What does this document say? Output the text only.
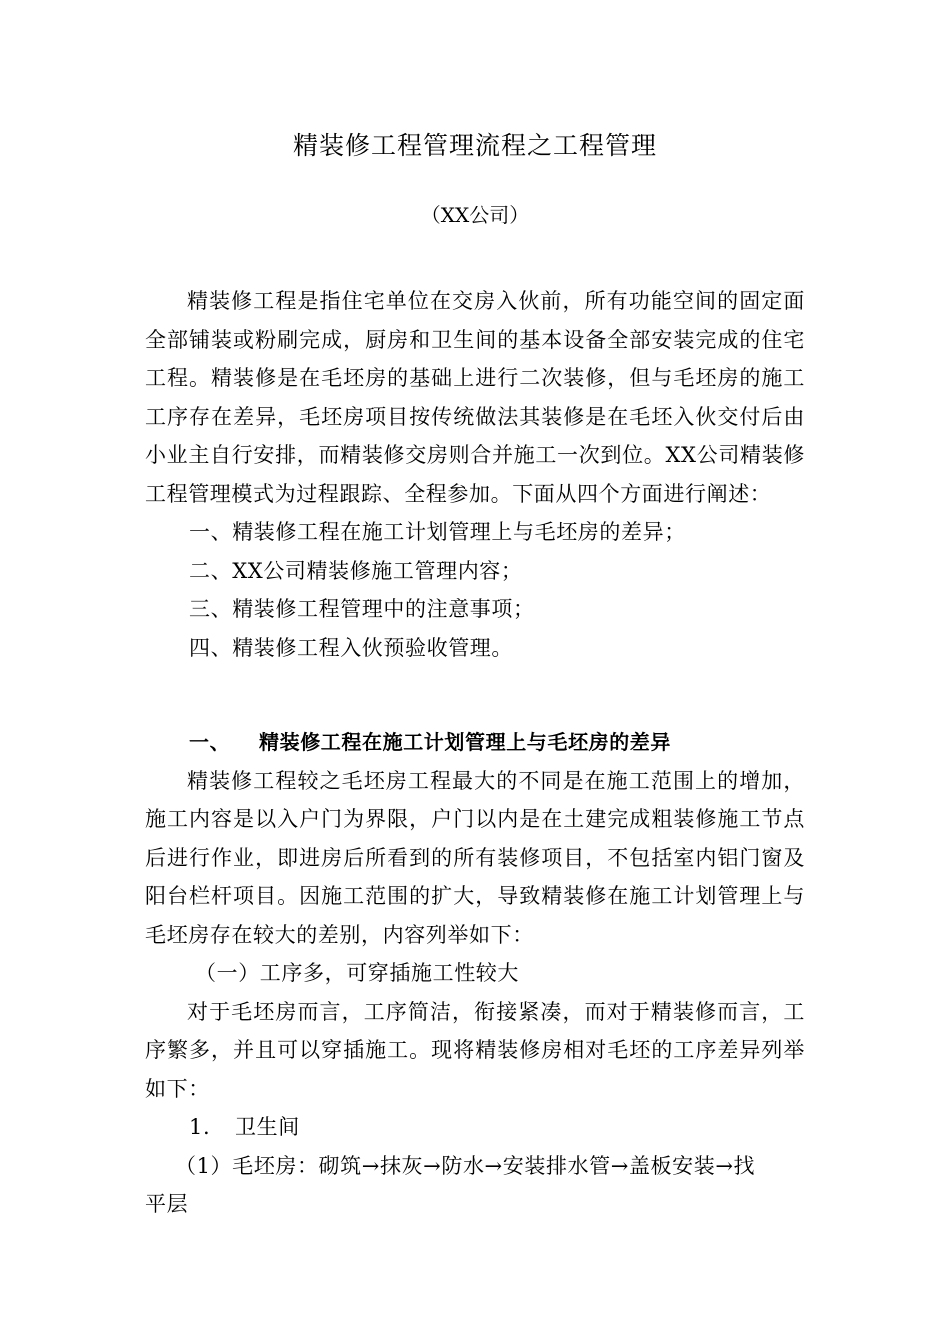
精装修工程管理流程之工程管理
（XX公司）

精装修工程是指住宅单位在交房入伙前，所有功能空间的固定面全部铺装或粉刷完成，厨房和卫生间的基本设备全部安装完成的住宅工程。精装修是在毛坯房的基础上进行二次装修，但与毛坯房的施工工序存在差异，毛坯房项目按传统做法其装修是在毛坯入伙交付后由小业主自行安排，而精装修交房则合并施工一次到位。XX公司精装修工程管理模式为过程跟踪、全程参加。下面从四个方面进行阐述：

一、精装修工程在施工计划管理上与毛坯房的差异；

二、XX公司精装修施工管理内容；

三、精装修工程管理中的注意事项；

四、精装修工程入伙预验收管理。

一、 精装修工程在施工计划管理上与毛坯房的差异

精装修工程较之毛坯房工程最大的不同是在施工范围上的增加，施工内容是以入户门为界限，户门以内是在土建完成粗装修施工节点后进行作业，即进房后所看到的所有装修项目，不包括室内铝门窗及阳台栏杆项目。因施工范围的扩大，导致精装修在施工计划管理上与毛坯房存在较大的差别，内容列举如下：

（一）工序多，可穿插施工性较大

对于毛坯房而言，工序简洁，衔接紧凑，而对于精装修而言，工序繁多，并且可以穿插施工。现将精装修房相对毛坯的工序差异列举如下：

1. 卫生间

（1）毛坯房：砌筑→抹灰→防水→安装排水管→盖板安装→找

平层
